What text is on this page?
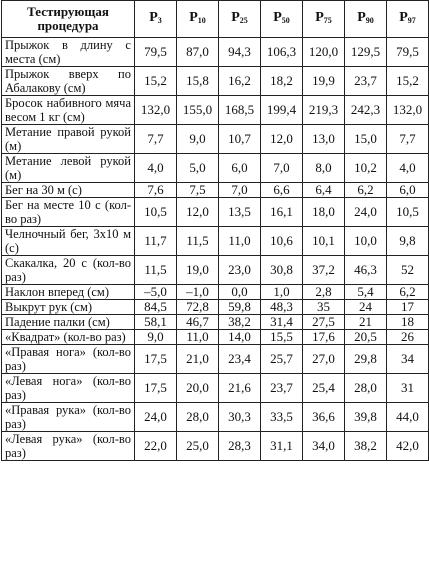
Тестирующая процедура	$P_3$	$P_{10}$	$P_{25}$	$P_{50}$	$P_{75}$	$P_{90}$	$P_{97}$
Прыжок в длину с места (см)	79,5	87,0	94,3	106,3	120,0	129,5	79,5
Прыжок вверх по Абалакову (см)	15,2	15,8	16,2	18,2	19,9	23,7	15,2
Бросок набивного мяча весом 1 кг (см)	132,0	155,0	168,5	199,4	219,3	242,3	132,0
Метание правой рукой (м)	7,7	9,0	10,7	12,0	13,0	15,0	7,7
Метание левой рукой (м)	4,0	5,0	6,0	7,0	8,0	10,2	4,0
Бег на 30 м (с)	7,6	7,5	7,0	6,6	6,4	6,2	6,0
Бег на месте 10 с (кол-во раз)	10,5	12,0	13,5	16,1	18,0	24,0	10,5
Челночный бег, 3х10 м (с)	11,7	11,5	11,0	10,6	10,1	10,0	9,8
Скакалка, 20 с (кол-во раз)	11,5	19,0	23,0	30,8	37,2	46,3	52
Наклон вперед (см)	–5,0	–1,0	0,0	1,0	2,8	5,4	6,2
Выкрут рук (см)	84,5	72,8	59,8	48,3	35	24	17
Падение палки (см)	58,1	46,7	38,2	31,4	27,5	21	18
«Квадрат» (кол-во раз)	9,0	11,0	14,0	15,5	17,6	20,5	26
«Правая нога» (кол-во раз)	17,5	21,0	23,4	25,7	27,0	29,8	34
«Левая нога» (кол-во раз)	17,5	20,0	21,6	23,7	25,4	28,0	31
«Правая рука» (кол-во раз)	24,0	28,0	30,3	33,5	36,6	39,8	44,0
«Левая рука» (кол-во раз)	22,0	25,0	28,3	31,1	34,0	38,2	42,0
